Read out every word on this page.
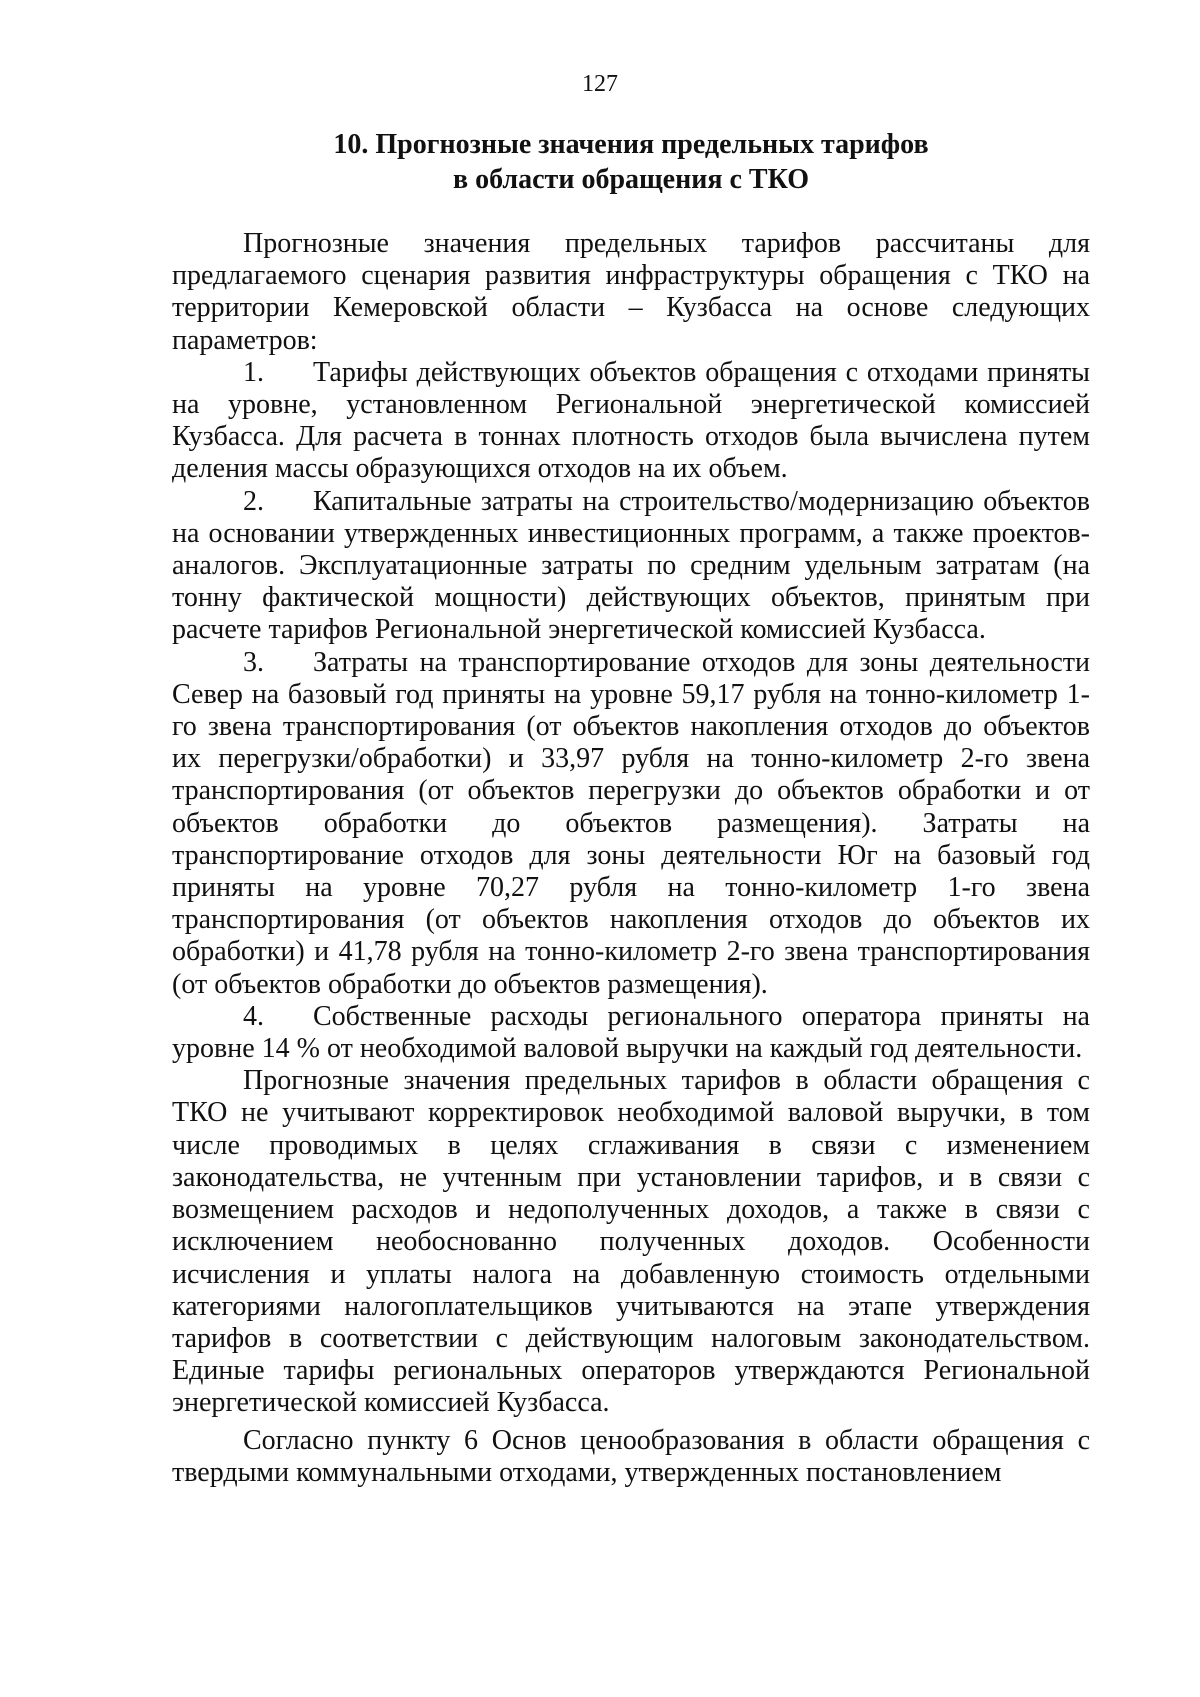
127
10. Прогнозные значения предельных тарифов
в области обращения с ТКО

Прогнозные значения предельных тарифов рассчитаны для предлагаемого сценария развития инфраструктуры обращения с ТКО на территории Кемеровской области – Кузбасса на основе следующих параметров:

1. Тарифы действующих объектов обращения с отходами приняты на уровне, установленном Региональной энергетической комиссией Кузбасса. Для расчета в тоннах плотность отходов была вычислена путем деления массы образующихся отходов на их объем.

2. Капитальные затраты на строительство/модернизацию объектов на основании утвержденных инвестиционных программ, а также проектов-аналогов. Эксплуатационные затраты по средним удельным затратам (на тонну фактической мощности) действующих объектов, принятым при расчете тарифов Региональной энергетической комиссией Кузбасса.

3. Затраты на транспортирование отходов для зоны деятельности Север на базовый год приняты на уровне 59,17 рубля на тонно-километр 1-го звена транспортирования (от объектов накопления отходов до объектов их перегрузки/обработки) и 33,97 рубля на тонно-километр 2-го звена транспортирования (от объектов перегрузки до объектов обработки и от объектов обработки до объектов размещения). Затраты на транспортирование отходов для зоны деятельности Юг на базовый год приняты на уровне 70,27 рубля на тонно-километр 1-го звена транспортирования (от объектов накопления отходов до объектов их обработки) и 41,78 рубля на тонно-километр 2-го звена транспортирования (от объектов обработки до объектов размещения).

4. Собственные расходы регионального оператора приняты на уровне 14 % от необходимой валовой выручки на каждый год деятельности.

Прогнозные значения предельных тарифов в области обращения с ТКО не учитывают корректировок необходимой валовой выручки, в том числе проводимых в целях сглаживания в связи с изменением законодательства, не учтенным при установлении тарифов, и в связи с возмещением расходов и недополученных доходов, а также в связи с исключением необоснованно полученных доходов. Особенности исчисления и уплаты налога на добавленную стоимость отдельными категориями налогоплательщиков учитываются на этапе утверждения тарифов в соответствии с действующим налоговым законодательством. Единые тарифы региональных операторов утверждаются Региональной энергетической комиссией Кузбасса.

Согласно пункту 6 Основ ценообразования в области обращения с твердыми коммунальными отходами, утвержденных постановлением
